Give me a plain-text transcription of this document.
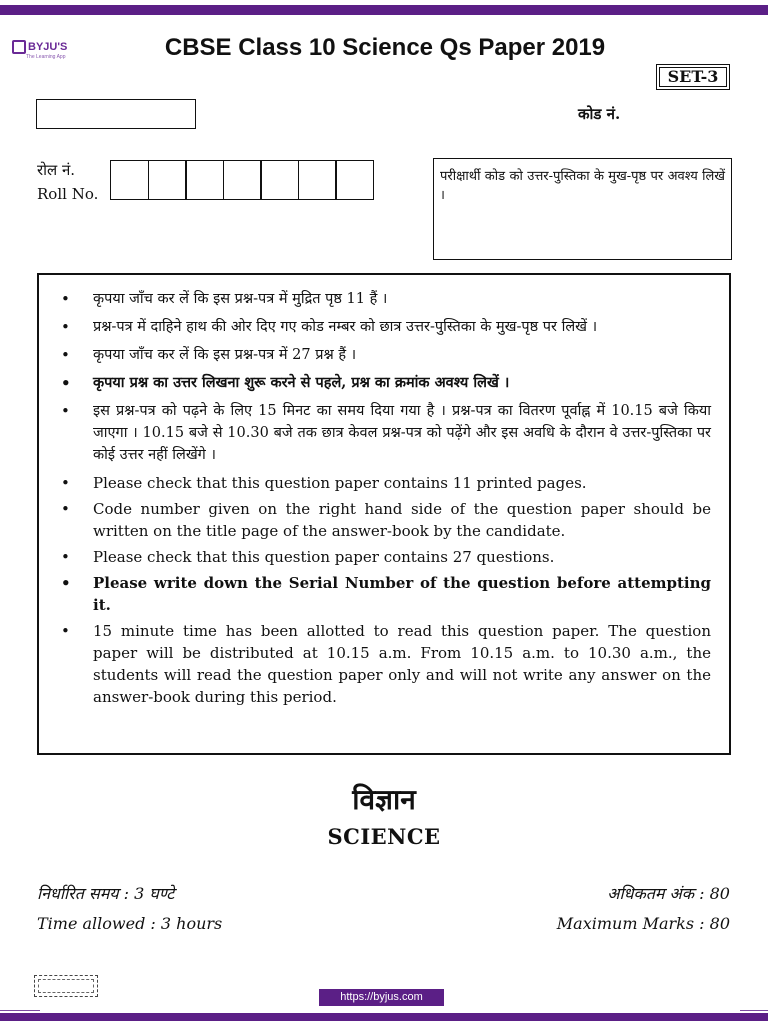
BYJU'S
The Learning App	CBSE Class 10 Science Qs Paper 2019
SET-3
कोड नं.
रोल नं.
Roll No.
परीक्षार्थी कोड को उत्तर-पुस्तिका के मुख-पृष्ठ पर अवश्य लिखें ।
• कृपया जाँच कर लें कि इस प्रश्न-पत्र में मुद्रित पृष्ठ 11 हैं ।
• प्रश्न-पत्र में दाहिने हाथ की ओर दिए गए कोड नम्बर को छात्र उत्तर-पुस्तिका के मुख-पृष्ठ पर लिखें ।
• कृपया जाँच कर लें कि इस प्रश्न-पत्र में 27 प्रश्न हैं ।
• कृपया प्रश्न का उत्तर लिखना शुरू करने से पहले, प्रश्न का क्रमांक अवश्य लिखें ।
• इस प्रश्न-पत्र को पढ़ने के लिए 15 मिनट का समय दिया गया है । प्रश्न-पत्र का वितरण पूर्वाह्न में 10.15 बजे किया जाएगा । 10.15 बजे से 10.30 बजे तक छात्र केवल प्रश्न-पत्र को पढ़ेंगे और इस अवधि के दौरान वे उत्तर-पुस्तिका पर कोई उत्तर नहीं लिखेंगे ।
• Please check that this question paper contains 11 printed pages.
• Code number given on the right hand side of the question paper should be written on the title page of the answer-book by the candidate.
• Please check that this question paper contains 27 questions.
• Please write down the Serial Number of the question before attempting it.
• 15 minute time has been allotted to read this question paper. The question paper will be distributed at 10.15 a.m. From 10.15 a.m. to 10.30 a.m., the students will read the question paper only and will not write any answer on the answer-book during this period.
विज्ञान
SCIENCE
निर्धारित समय : 3 घण्टे	अधिकतम अंक : 80
Time allowed : 3 hours	Maximum Marks : 80
https://byjus.com
